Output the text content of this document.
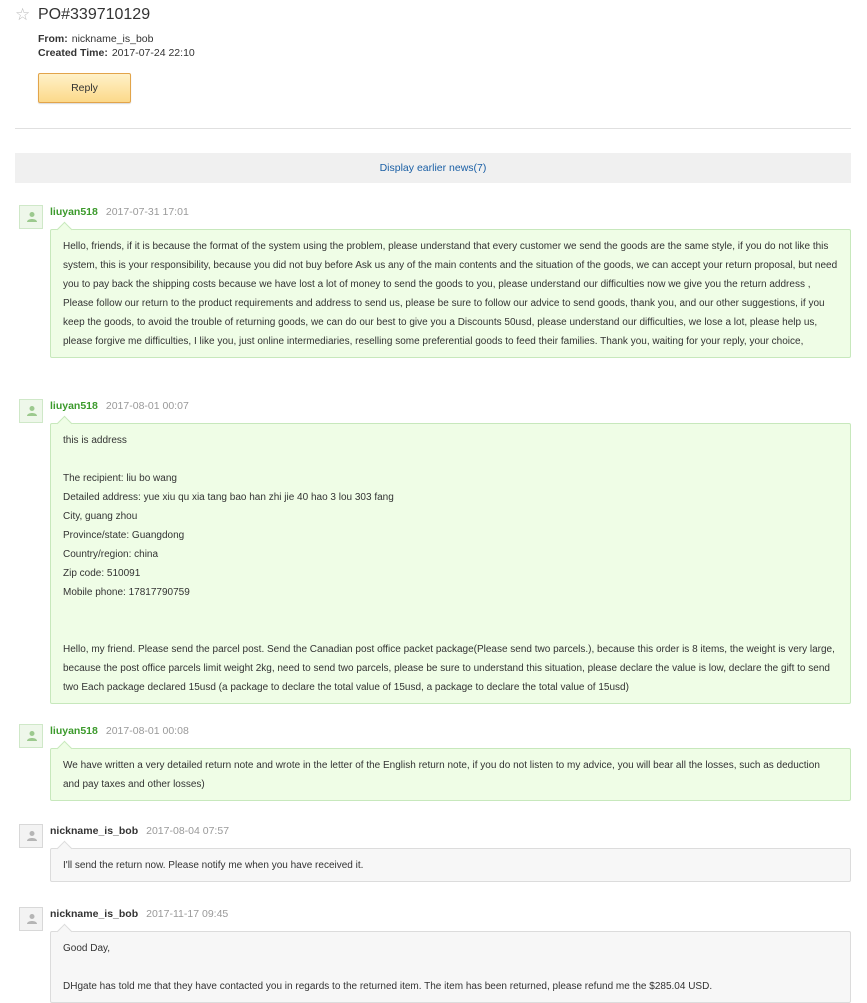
☆ PO#339710129
From: nickname_is_bob
Created Time: 2017-07-24 22:10
Reply
Display earlier news(7)
liuyan518 2017-07-31 17:01
Hello, friends, if it is because the format of the system using the problem, please understand that every customer we send the goods are the same style, if you do not like this system, this is your responsibility, because you did not buy before Ask us any of the main contents and the situation of the goods, we can accept your return proposal, but need you to pay back the shipping costs because we have lost a lot of money to send the goods to you, please understand our difficulties now we give you the return address , Please follow our return to the product requirements and address to send us, please be sure to follow our advice to send goods, thank you, and our other suggestions, if you keep the goods, to avoid the trouble of returning goods, we can do our best to give you a Discounts 50usd, please understand our difficulties, we lose a lot, please help us, please forgive me difficulties, I like you, just online intermediaries, reselling some preferential goods to feed their families. Thank you, waiting for your reply, your choice,
liuyan518 2017-08-01 00:07
this is address
The recipient: liu bo wang
Detailed address: yue xiu qu xia tang bao han zhi jie 40 hao 3 lou 303 fang
City, guang zhou
Province/state: Guangdong
Country/region: china
Zip code: 510091
Mobile phone: 17817790759
Hello, my friend. Please send the parcel post. Send the Canadian post office packet package(Please send two parcels.), because this order is 8 items, the weight is very large, because the post office parcels limit weight 2kg, need to send two parcels, please be sure to understand this situation, please declare the value is low, declare the gift to send two Each package declared 15usd (a package to declare the total value of 15usd, a package to declare the total value of 15usd)
liuyan518 2017-08-01 00:08
We have written a very detailed return note and wrote in the letter of the English return note, if you do not listen to my advice, you will bear all the losses, such as deduction and pay taxes and other losses)
nickname_is_bob 2017-08-04 07:57
I'll send the return now. Please notify me when you have received it.
nickname_is_bob 2017-11-17 09:45
Good Day,
DHgate has told me that they have contacted you in regards to the returned item. The item has been returned, please refund me the $285.04 USD.
